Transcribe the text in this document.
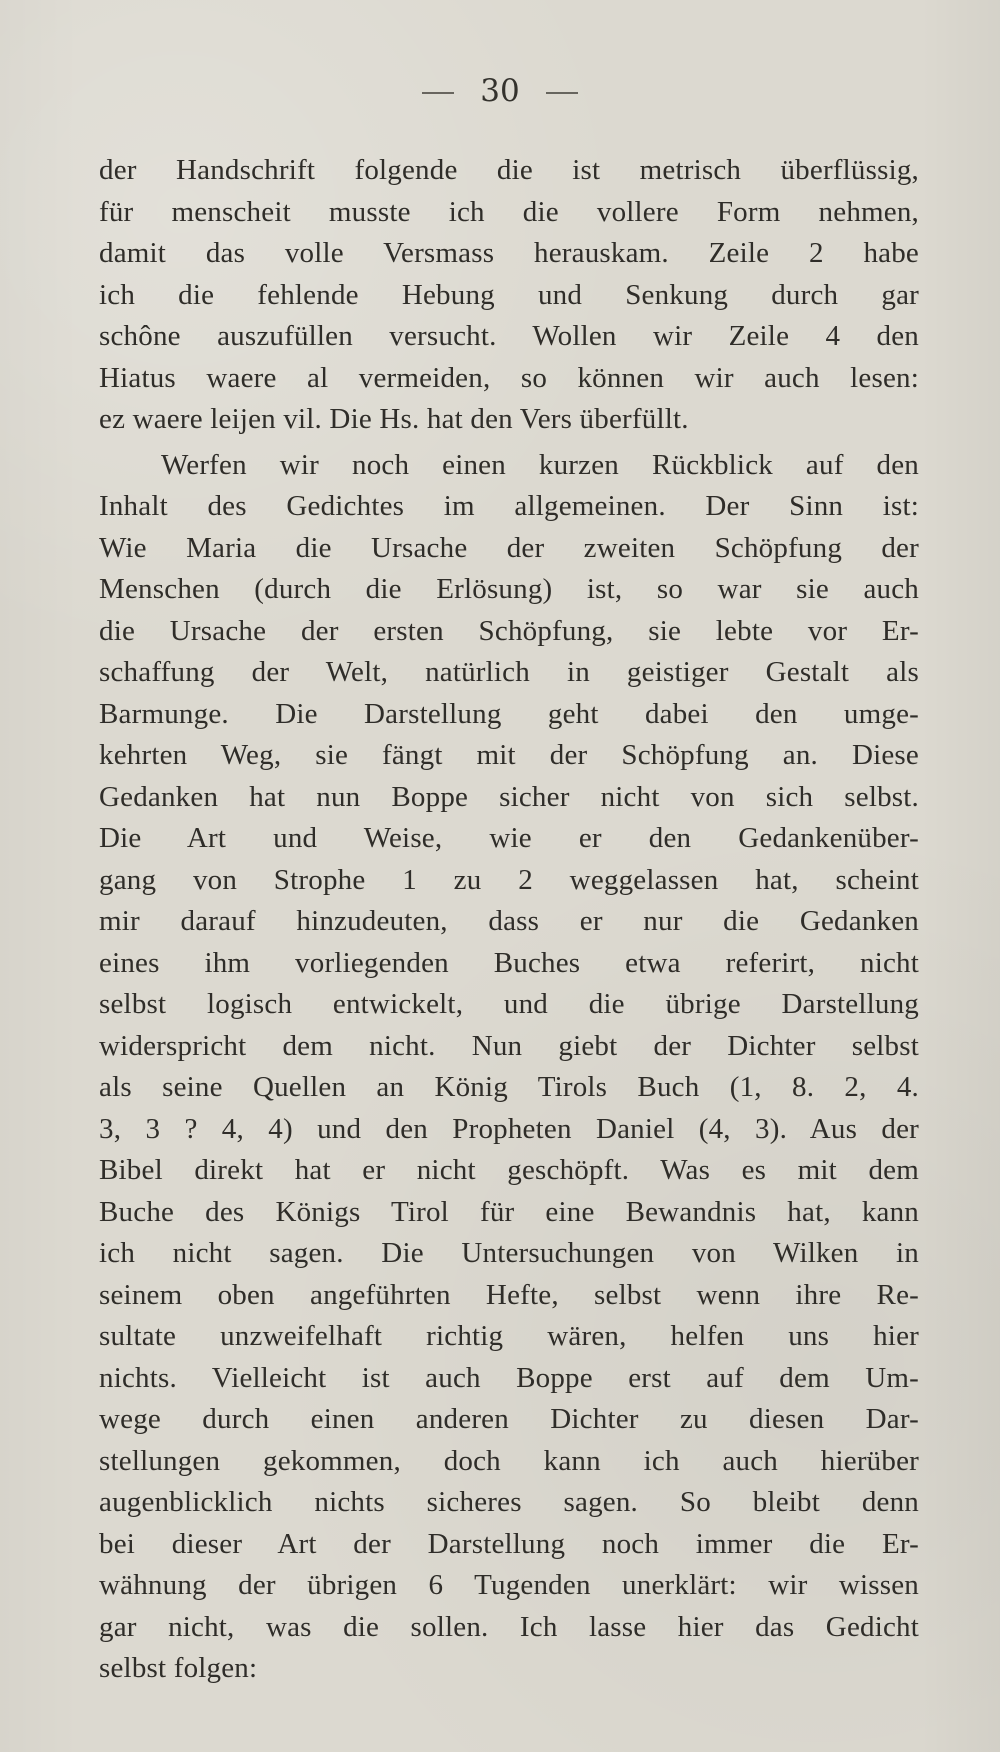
30
der Handschrift folgende die ist metrisch überflüssig,
für menscheit musste ich die vollere Form nehmen,
damit das volle Versmass herauskam. Zeile 2 habe
ich die fehlende Hebung und Senkung durch gar
schône auszufüllen versucht. Wollen wir Zeile 4 den
Hiatus waere al vermeiden, so können wir auch lesen:
ez waere leijen vil. Die Hs. hat den Vers überfüllt.
Werfen wir noch einen kurzen Rückblick auf den
Inhalt des Gedichtes im allgemeinen. Der Sinn ist:
Wie Maria die Ursache der zweiten Schöpfung der
Menschen (durch die Erlösung) ist, so war sie auch
die Ursache der ersten Schöpfung, sie lebte vor Er-
schaffung der Welt, natürlich in geistiger Gestalt als
Barmunge. Die Darstellung geht dabei den umge-
kehrten Weg, sie fängt mit der Schöpfung an. Diese
Gedanken hat nun Boppe sicher nicht von sich selbst.
Die Art und Weise, wie er den Gedankenüber-
gang von Strophe 1 zu 2 weggelassen hat, scheint
mir darauf hinzudeuten, dass er nur die Gedanken
eines ihm vorliegenden Buches etwa referirt, nicht
selbst logisch entwickelt, und die übrige Darstellung
widerspricht dem nicht. Nun giebt der Dichter selbst
als seine Quellen an König Tirols Buch (1, 8. 2, 4.
3, 3 ? 4, 4) und den Propheten Daniel (4, 3). Aus der
Bibel direkt hat er nicht geschöpft. Was es mit dem
Buche des Königs Tirol für eine Bewandnis hat, kann
ich nicht sagen. Die Untersuchungen von Wilken in
seinem oben angeführten Hefte, selbst wenn ihre Re-
sultate unzweifelhaft richtig wären, helfen uns hier
nichts. Vielleicht ist auch Boppe erst auf dem Um-
wege durch einen anderen Dichter zu diesen Dar-
stellungen gekommen, doch kann ich auch hierüber
augenblicklich nichts sicheres sagen. So bleibt denn
bei dieser Art der Darstellung noch immer die Er-
wähnung der übrigen 6 Tugenden unerklärt: wir wissen
gar nicht, was die sollen. Ich lasse hier das Gedicht
selbst folgen:
